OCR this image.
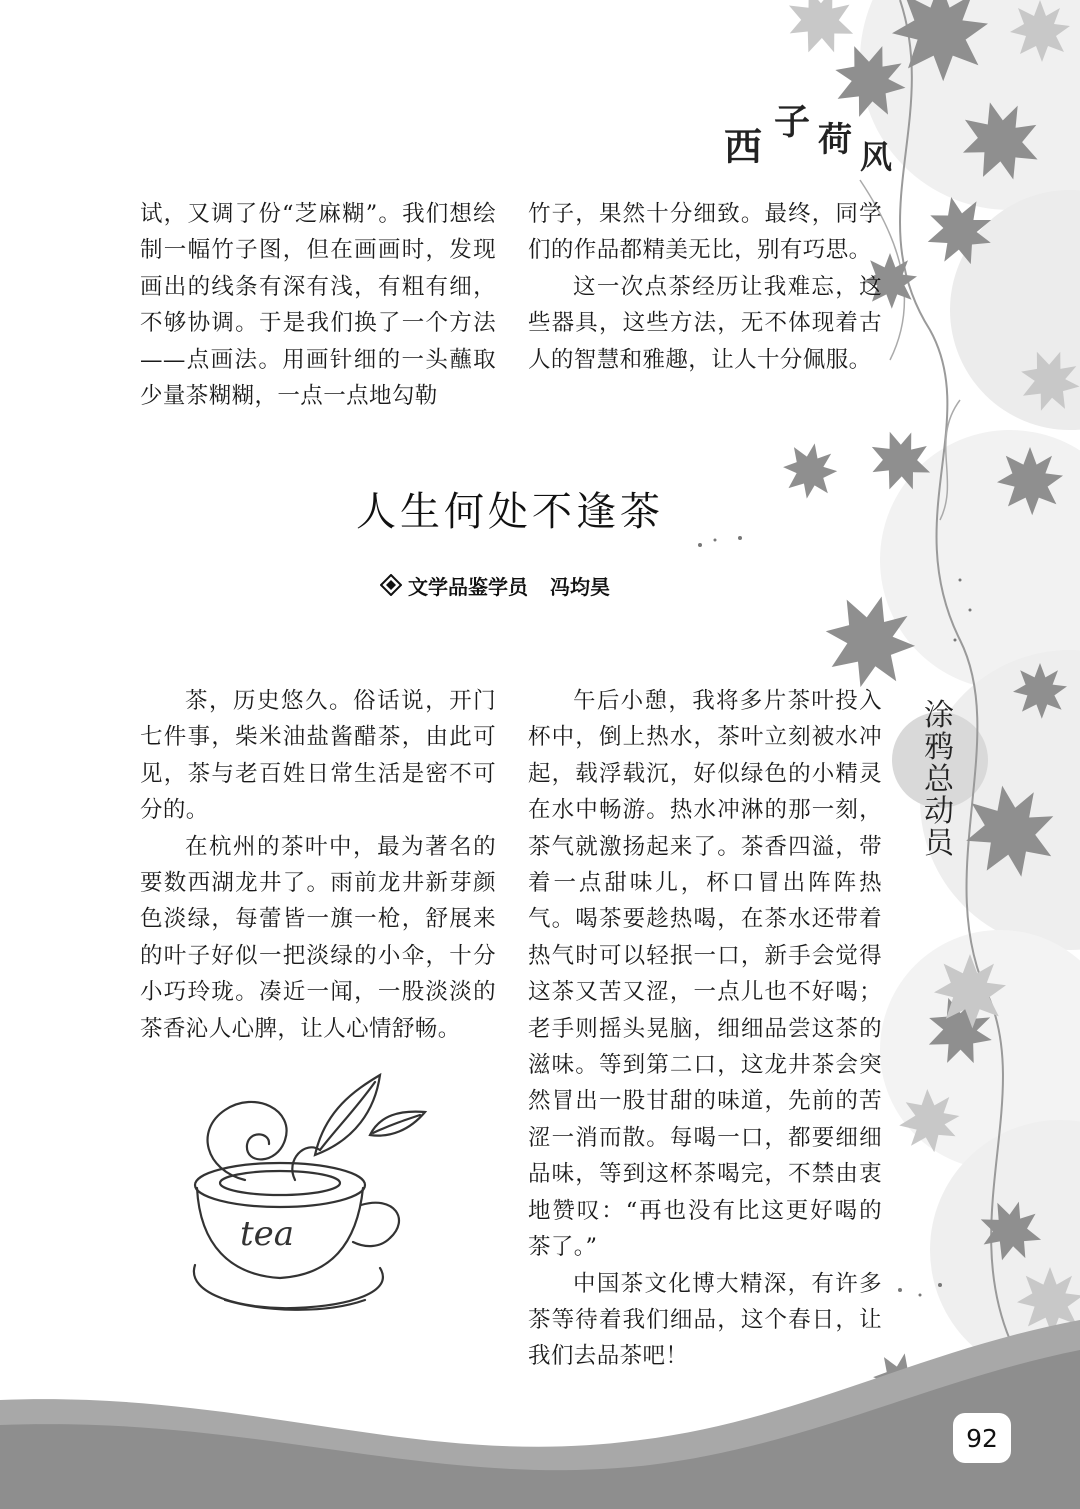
西
子 荷 风

试，又调了份“芝麻糊”。我们想绘制一幅竹子图，但在画画时，发现画出的线条有深有浅，有粗有细，不够协调。于是我们换了一个方法——点画法。用画针细的一头蘸取少量茶糊糊，一点一点地勾勒

竹子，果然十分细致。最终，同学们的作品都精美无比，别有巧思。

这一次点茶经历让我难忘，这些器具，这些方法，无不体现着古人的智慧和雅趣，让人十分佩服。

人生何处不逢茶
文学品鉴学员 冯均昊

茶，历史悠久。俗话说，开门七件事，柴米油盐酱醋茶，由此可见，茶与老百姓日常生活是密不可分的。

在杭州的茶叶中，最为著名的要数西湖龙井了。雨前龙井新芽颜色淡绿，每蕾皆一旗一枪，舒展来的叶子好似一把淡绿的小伞，十分小巧玲珑。凑近一闻，一股淡淡的茶香沁人心脾，让人心情舒畅。

午后小憩，我将多片茶叶投入杯中，倒上热水，茶叶立刻被水冲起，载浮载沉，好似绿色的小精灵在水中畅游。热水冲淋的那一刻，茶气就激扬起来了。茶香四溢，带着一点甜味儿，杯口冒出阵阵热气。喝茶要趁热喝，在茶水还带着热气时可以轻抿一口，新手会觉得这茶又苦又涩，一点儿也不好喝；老手则摇头晃脑，细细品尝这茶的滋味。等到第二口，这龙井茶会突然冒出一股甘甜的味道，先前的苦涩一消而散。每喝一口，都要细细品味，等到这杯茶喝完，不禁由衷地赞叹：“再也没有比这更好喝的茶了。”

中国茶文化博大精深，有许多茶等待着我们细品，这个春日，让我们去品茶吧！

涂
鸦
总
动
员
tea
92
